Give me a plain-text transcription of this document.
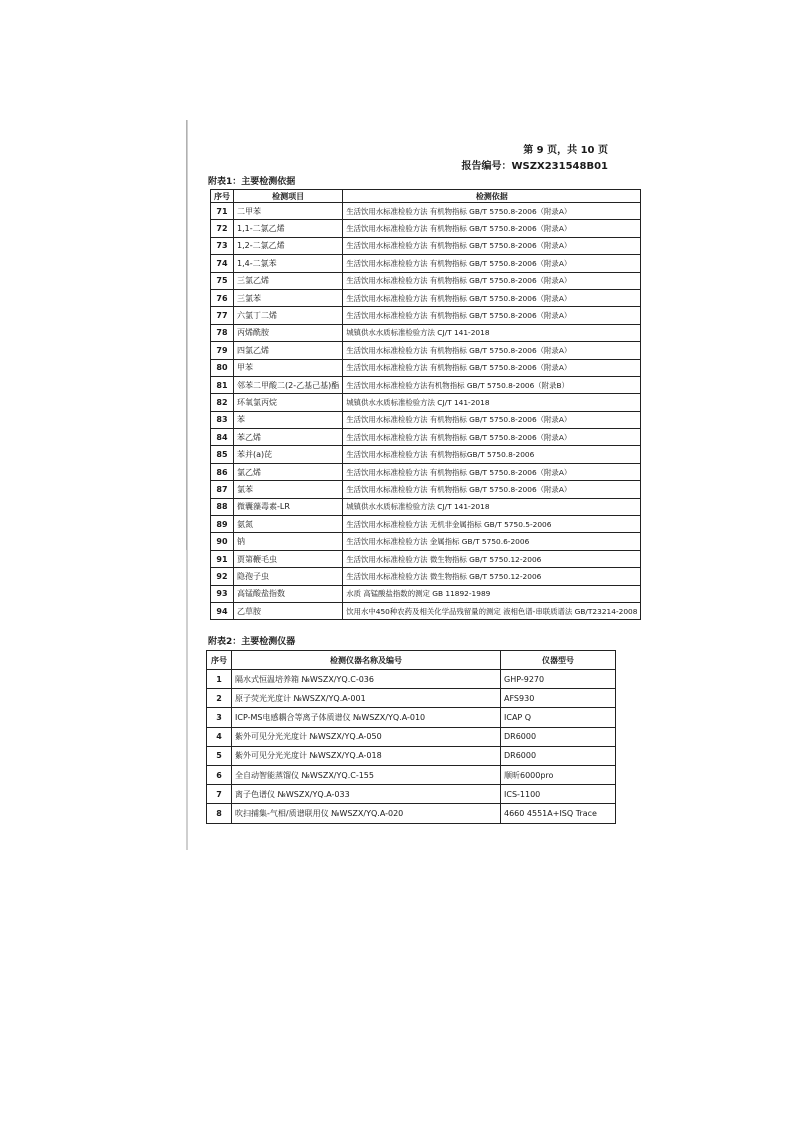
第 9 页，共 10 页
报告编号：WSZX231548B01
附表1：主要检测依据
序号	检测项目	检测依据
71	二甲苯	生活饮用水标准检验方法 有机物指标 GB/T 5750.8-2006（附录A）
72	1,1-二氯乙烯	生活饮用水标准检验方法 有机物指标 GB/T 5750.8-2006（附录A）
73	1,2-二氯乙烯	生活饮用水标准检验方法 有机物指标 GB/T 5750.8-2006（附录A）
74	1,4-二氯苯	生活饮用水标准检验方法 有机物指标 GB/T 5750.8-2006（附录A）
75	三氯乙烯	生活饮用水标准检验方法 有机物指标 GB/T 5750.8-2006（附录A）
76	三氯苯	生活饮用水标准检验方法 有机物指标 GB/T 5750.8-2006（附录A）
77	六氯丁二烯	生活饮用水标准检验方法 有机物指标 GB/T 5750.8-2006（附录A）
78	丙烯酰胺	城镇供水水质标准检验方法 CJ/T 141-2018
79	四氯乙烯	生活饮用水标准检验方法 有机物指标 GB/T 5750.8-2006（附录A）
80	甲苯	生活饮用水标准检验方法 有机物指标 GB/T 5750.8-2006（附录A）
81	邻苯二甲酸二(2-乙基己基)酯	生活饮用水标准检验方法有机物指标 GB/T 5750.8-2006（附录B）
82	环氧氯丙烷	城镇供水水质标准检验方法 CJ/T 141-2018
83	苯	生活饮用水标准检验方法 有机物指标 GB/T 5750.8-2006（附录A）
84	苯乙烯	生活饮用水标准检验方法 有机物指标 GB/T 5750.8-2006（附录A）
85	苯并(a)芘	生活饮用水标准检验方法 有机物指标GB/T 5750.8-2006
86	氯乙烯	生活饮用水标准检验方法 有机物指标 GB/T 5750.8-2006（附录A）
87	氯苯	生活饮用水标准检验方法 有机物指标 GB/T 5750.8-2006（附录A）
88	微囊藻毒素-LR	城镇供水水质标准检验方法 CJ/T 141-2018
89	氨氮	生活饮用水标准检验方法 无机非金属指标 GB/T 5750.5-2006
90	钠	生活饮用水标准检验方法 金属指标 GB/T 5750.6-2006
91	贾第鞭毛虫	生活饮用水标准检验方法 微生物指标 GB/T 5750.12-2006
92	隐孢子虫	生活饮用水标准检验方法 微生物指标 GB/T 5750.12-2006
93	高锰酸盐指数	水质 高锰酸盐指数的测定 GB 11892-1989
94	乙草胺	饮用水中450种农药及相关化学品残留量的测定 液相色谱-串联质谱法 GB/T23214-2008
附表2：主要检测仪器
序号	检测仪器名称及编号	仪器型号
1	隔水式恒温培养箱 №WSZX/YQ.C-036	GHP-9270
2	原子荧光光度计 №WSZX/YQ.A-001	AFS930
3	ICP-MS电感耦合等离子体质谱仪 №WSZX/YQ.A-010	ICAP Q
4	紫外可见分光光度计 №WSZX/YQ.A-050	DR6000
5	紫外可见分光光度计 №WSZX/YQ.A-018	DR6000
6	全自动智能蒸馏仪 №WSZX/YQ.C-155	顺昕6000pro
7	离子色谱仪 №WSZX/YQ.A-033	ICS-1100
8	吹扫捕集-气相/质谱联用仪 №WSZX/YQ.A-020	4660 4551A+ISQ Trace
